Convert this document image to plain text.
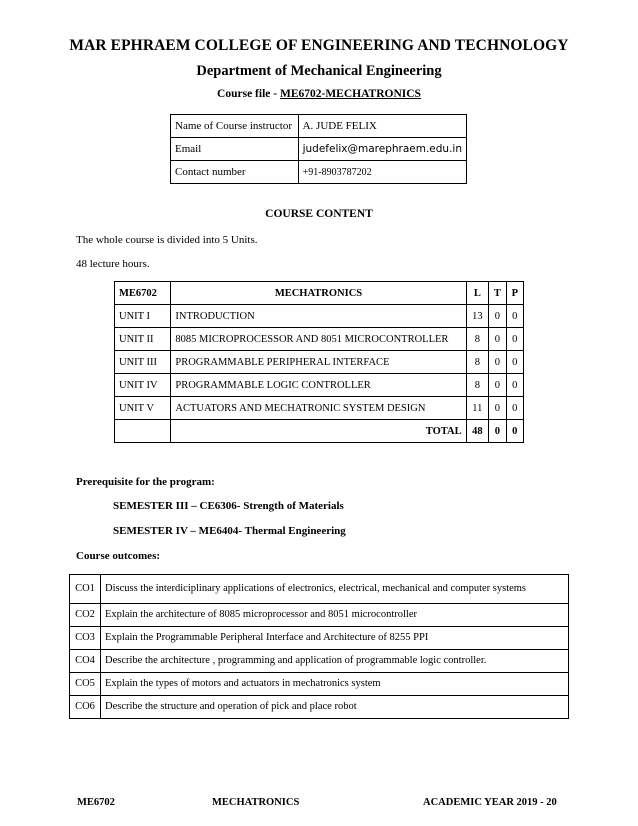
MAR EPHRAEM COLLEGE OF ENGINEERING AND TECHNOLOGY
Department of Mechanical Engineering
Course file - ME6702-MECHATRONICS
Name of Course instructor	A. JUDE FELIX
Email	judefelix@marephraem.edu.in
Contact number	+91-8903787202
COURSE CONTENT
The whole course is divided into 5 Units.
48 lecture hours.
ME6702	MECHATRONICS	L	T	P
UNIT I	INTRODUCTION	13	0	0
UNIT II	8085 MICROPROCESSOR AND 8051 MICROCONTROLLER	8	0	0
UNIT III	PROGRAMMABLE PERIPHERAL INTERFACE	8	0	0
UNIT IV	PROGRAMMABLE LOGIC CONTROLLER	8	0	0
UNIT V	ACTUATORS AND MECHATRONIC SYSTEM DESIGN	11	0	0
	TOTAL	48	0	0
Prerequisite for the program:
SEMESTER III – CE6306- Strength of Materials
SEMESTER IV – ME6404- Thermal Engineering
Course outcomes:
CO1	Discuss the interdiciplinary applications of electronics, electrical, mechanical and computer systems
CO2	Explain the architecture of 8085 microprocessor and 8051 microcontroller
CO3	Explain the Programmable Peripheral Interface and Architecture of 8255 PPI
CO4	Describe the architecture , programming and application of programmable logic controller.
CO5	Explain the types of motors and actuators in mechatronics system
CO6	Describe the structure and operation of pick and place robot
ME6702	MECHATRONICS	ACADEMIC YEAR 2019 - 20
